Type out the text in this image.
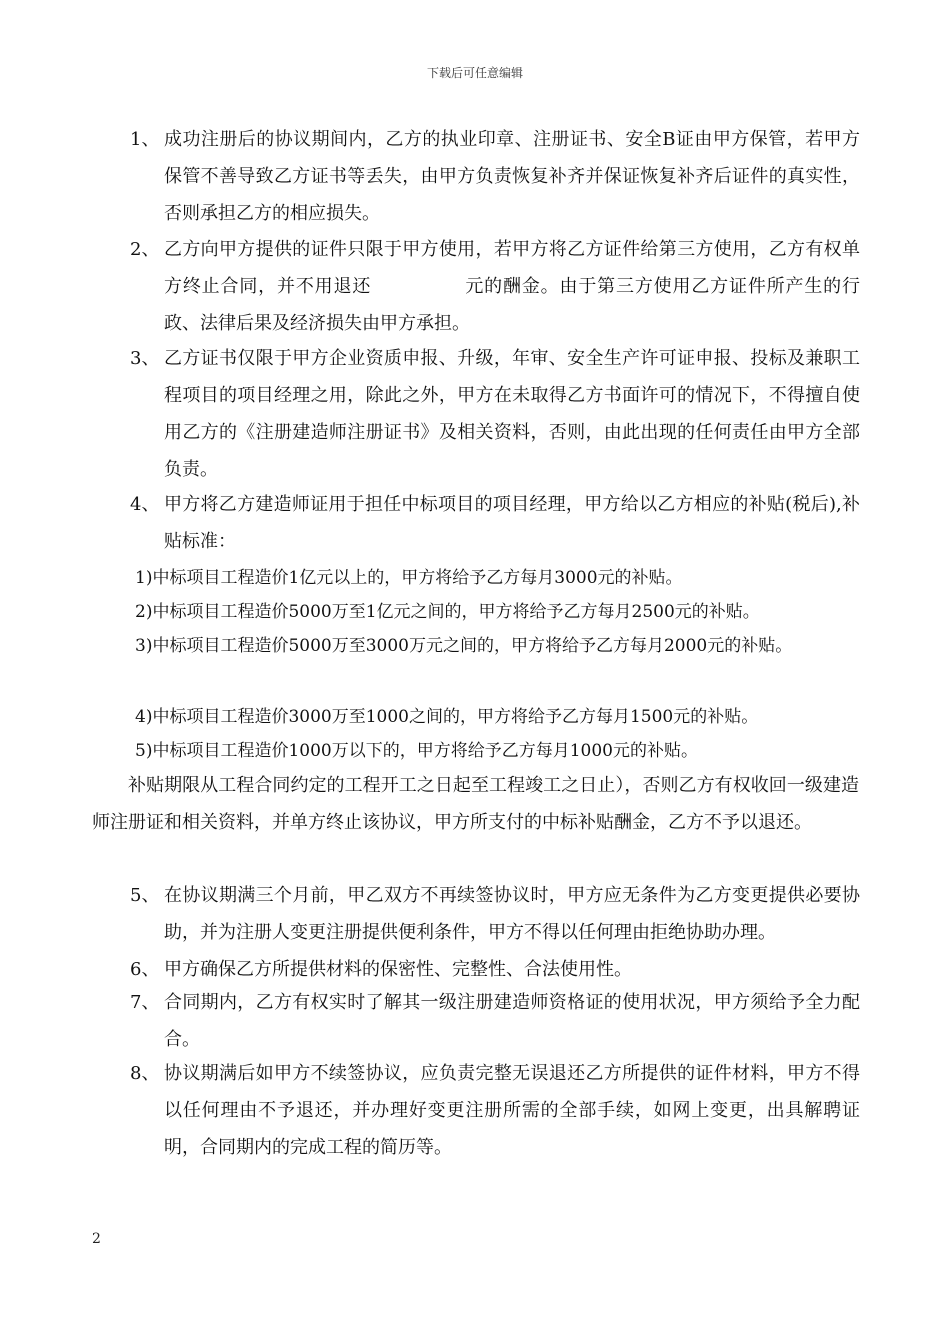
下载后可任意编辑
1、 成功注册后的协议期间内，乙方的执业印章、注册证书、安全B证由甲方保管，若甲方保管不善导致乙方证书等丢失，由甲方负责恢复补齐并保证恢复补齐后证件的真实性，否则承担乙方的相应损失。
2、 乙方向甲方提供的证件只限于甲方使用，若甲方将乙方证件给第三方使用，乙方有权单方终止合同，并不用退还　　　　　元的酬金。由于第三方使用乙方证件所产生的行政、法律后果及经济损失由甲方承担。
3、 乙方证书仅限于甲方企业资质申报、升级，年审、安全生产许可证申报、投标及兼职工程项目的项目经理之用，除此之外，甲方在未取得乙方书面许可的情况下，不得擅自使用乙方的《注册建造师注册证书》及相关资料，否则，由此出现的任何责任由甲方全部负责。
4、 甲方将乙方建造师证用于担任中标项目的项目经理，甲方给以乙方相应的补贴(税后),补贴标准：
1)中标项目工程造价1亿元以上的，甲方将给予乙方每月3000元的补贴。
2)中标项目工程造价5000万至1亿元之间的，甲方将给予乙方每月2500元的补贴。
3)中标项目工程造价5000万至3000万元之间的，甲方将给予乙方每月2000元的补贴。
4)中标项目工程造价3000万至1000之间的，甲方将给予乙方每月1500元的补贴。
5)中标项目工程造价1000万以下的，甲方将给予乙方每月1000元的补贴。
补贴期限从工程合同约定的工程开工之日起至工程竣工之日止），否则乙方有权收回一级建造师注册证和相关资料，并单方终止该协议，甲方所支付的中标补贴酬金，乙方不予以退还。
5、 在协议期满三个月前，甲乙双方不再续签协议时，甲方应无条件为乙方变更提供必要协助，并为注册人变更注册提供便利条件，甲方不得以任何理由拒绝协助办理。
6、 甲方确保乙方所提供材料的保密性、完整性、合法使用性。
7、 合同期内，乙方有权实时了解其一级注册建造师资格证的使用状况，甲方须给予全力配合。
8、 协议期满后如甲方不续签协议，应负责完整无误退还乙方所提供的证件材料，甲方不得以任何理由不予退还，并办理好变更注册所需的全部手续，如网上变更，出具解聘证明，合同期内的完成工程的简历等。
2
